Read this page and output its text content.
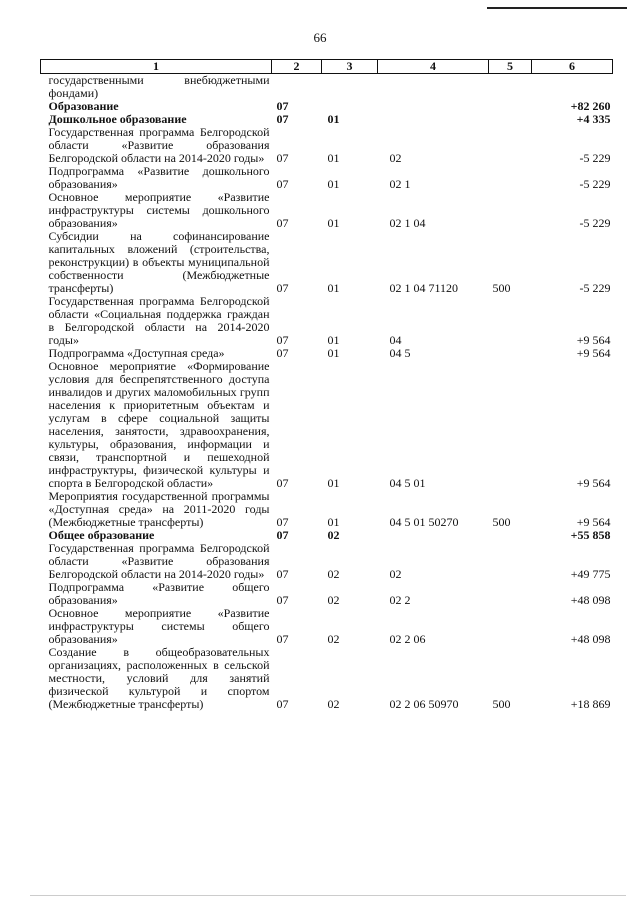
66
1	2	3	4	5	6
государственными внебюджетными фондами)					
Образование	07				+82 260
Дошкольное образование	07	01			+4 335
Государственная программа Белгородской области «Развитие образования Белгородской области на 2014-2020 годы»	07	01	02		-5 229
Подпрограмма «Развитие дошкольного образования»	07	01	02 1		-5 229
Основное мероприятие «Развитие инфраструктуры системы дошкольного образования»	07	01	02 1 04		-5 229
Субсидии на софинансирование капитальных вложений (строительства, реконструкции) в объекты муниципальной собственности (Межбюджетные трансферты)	07	01	02 1 04 71120	500	-5 229
Государственная программа Белгородской области «Социальная поддержка граждан в Белгородской области на 2014-2020 годы»	07	01	04		+9 564
Подпрограмма «Доступная среда»	07	01	04 5		+9 564
Основное мероприятие «Формирование условия для беспрепятственного доступа инвалидов и других маломобильных групп населения к приоритетным объектам и услугам в сфере социальной защиты населения, занятости, здравоохранения, культуры, образования, информации и связи, транспортной и пешеходной инфраструктуры, физической культуры и спорта в Белгородской области»	07	01	04 5 01		+9 564
Мероприятия государственной программы «Доступная среда» на 2011-2020 годы (Межбюджетные трансферты)	07	01	04 5 01 50270	500	+9 564
Общее образование	07	02			+55 858
Государственная программа Белгородской области «Развитие образования Белгородской области на 2014-2020 годы»	07	02	02		+49 775
Подпрограмма «Развитие общего образования»	07	02	02 2		+48 098
Основное мероприятие «Развитие инфраструктуры системы общего образования»	07	02	02 2 06		+48 098
Создание в общеобразовательных организациях, расположенных в сельской местности, условий для занятий физической культурой и спортом (Межбюджетные трансферты)	07	02	02 2 06 50970	500	+18 869
